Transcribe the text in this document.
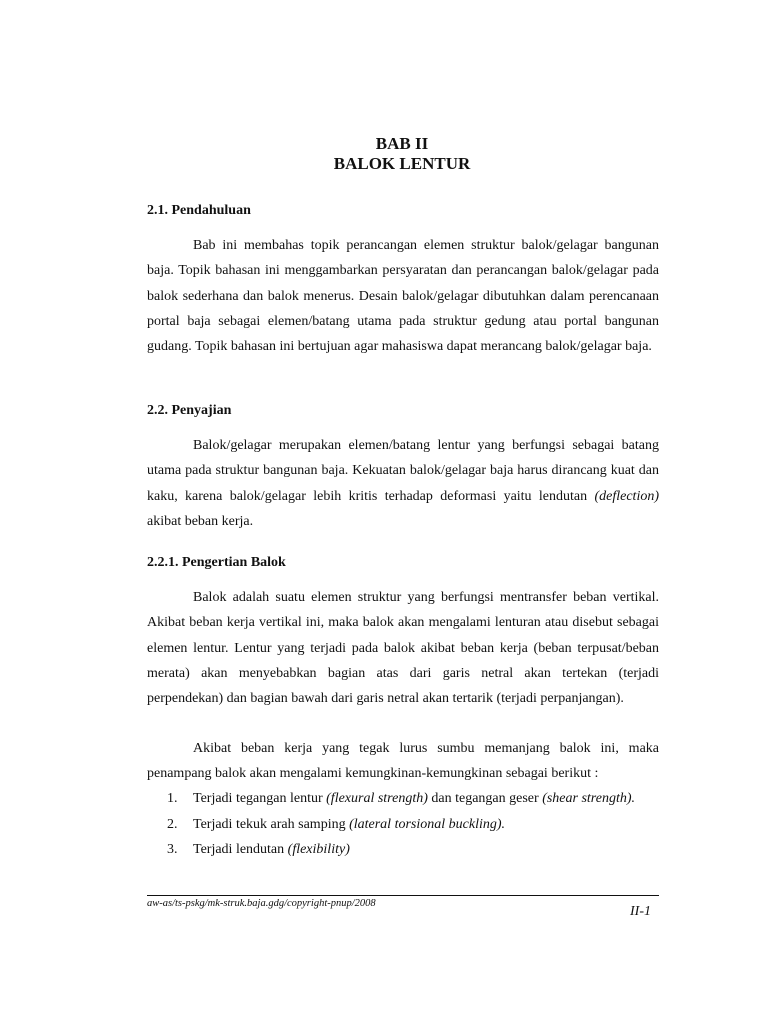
BAB II
BALOK LENTUR
2.1. Pendahuluan

Bab ini membahas topik perancangan elemen struktur balok/gelagar bangunan baja. Topik bahasan ini menggambarkan persyaratan dan perancangan balok/gelagar pada balok sederhana dan balok menerus. Desain balok/gelagar dibutuhkan dalam perencanaan portal baja sebagai elemen/batang utama pada struktur gedung atau portal bangunan gudang. Topik bahasan ini bertujuan agar mahasiswa dapat merancang balok/gelagar baja.

2.2. Penyajian

Balok/gelagar merupakan elemen/batang lentur yang berfungsi sebagai batang utama pada struktur bangunan baja. Kekuatan balok/gelagar baja harus dirancang kuat dan kaku, karena balok/gelagar lebih kritis terhadap deformasi yaitu lendutan (deflection) akibat beban kerja.

2.2.1. Pengertian Balok

Balok adalah suatu elemen struktur yang berfungsi mentransfer beban vertikal. Akibat beban kerja vertikal ini, maka balok akan mengalami lenturan atau disebut sebagai elemen lentur. Lentur yang terjadi pada balok akibat beban kerja (beban terpusat/beban merata) akan menyebabkan bagian atas dari garis netral akan tertekan (terjadi perpendekan) dan bagian bawah dari garis netral akan tertarik (terjadi perpanjangan).

Akibat beban kerja yang tegak lurus sumbu memanjang balok ini, maka penampang balok akan mengalami kemungkinan-kemungkinan sebagai berikut :

1. Terjadi tegangan lentur (flexural strength) dan tegangan geser (shear strength).
2. Terjadi tekuk arah samping (lateral torsional buckling).
3. Terjadi lendutan (flexibility)
aw-as/ts-pskg/mk-struk.baja.gdg/copyright-pnup/2008
II-1
